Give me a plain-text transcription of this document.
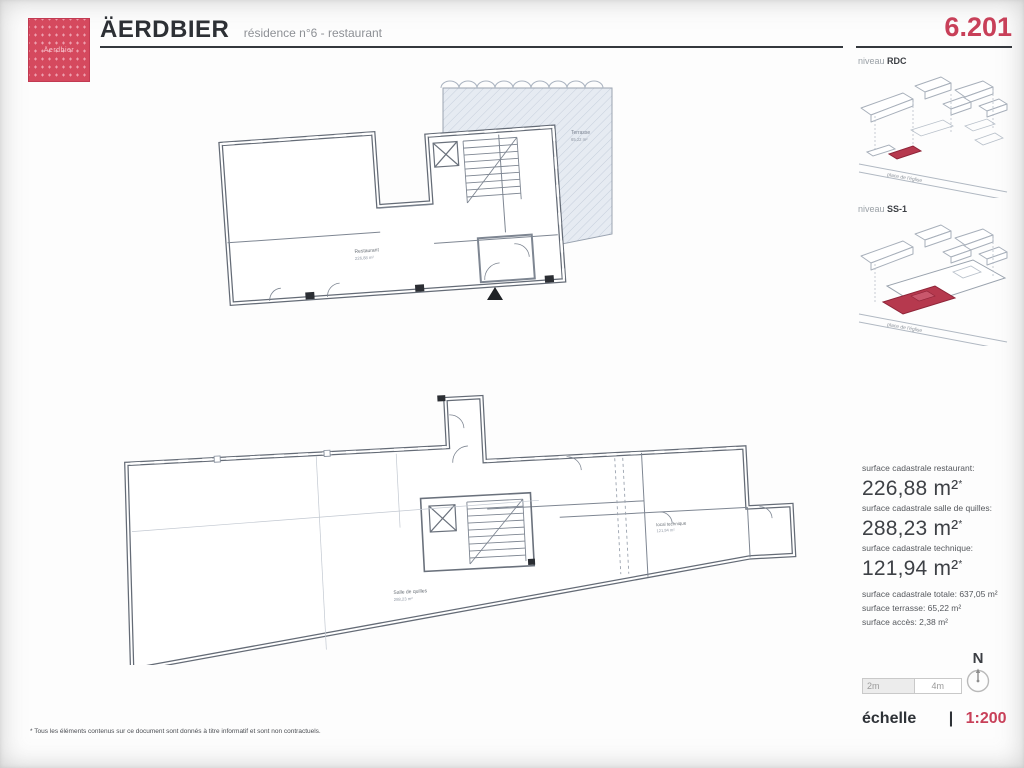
Äerdbier
ÄERDBIER résidence n°6 - restaurant	6.201
niveau RDC
place de l'église
niveau SS-1
place de l'église
Terrasse
65,22 m²
Restaurant
226,88 m²
Salle de quilles
288,23 m²
local technique
121,94 m²
surface cadastrale restaurant:
226,88 m²*
surface cadastrale salle de quilles:
288,23 m²*
surface cadastrale technique:
121,94 m²*
surface cadastrale totale: 637,05 m²
surface terrasse: 65,22 m²
surface accès: 2,38 m²
2m	4m
N
échelle | 1:200
* Tous les éléments contenus sur ce document sont donnés à titre informatif et sont non contractuels.
